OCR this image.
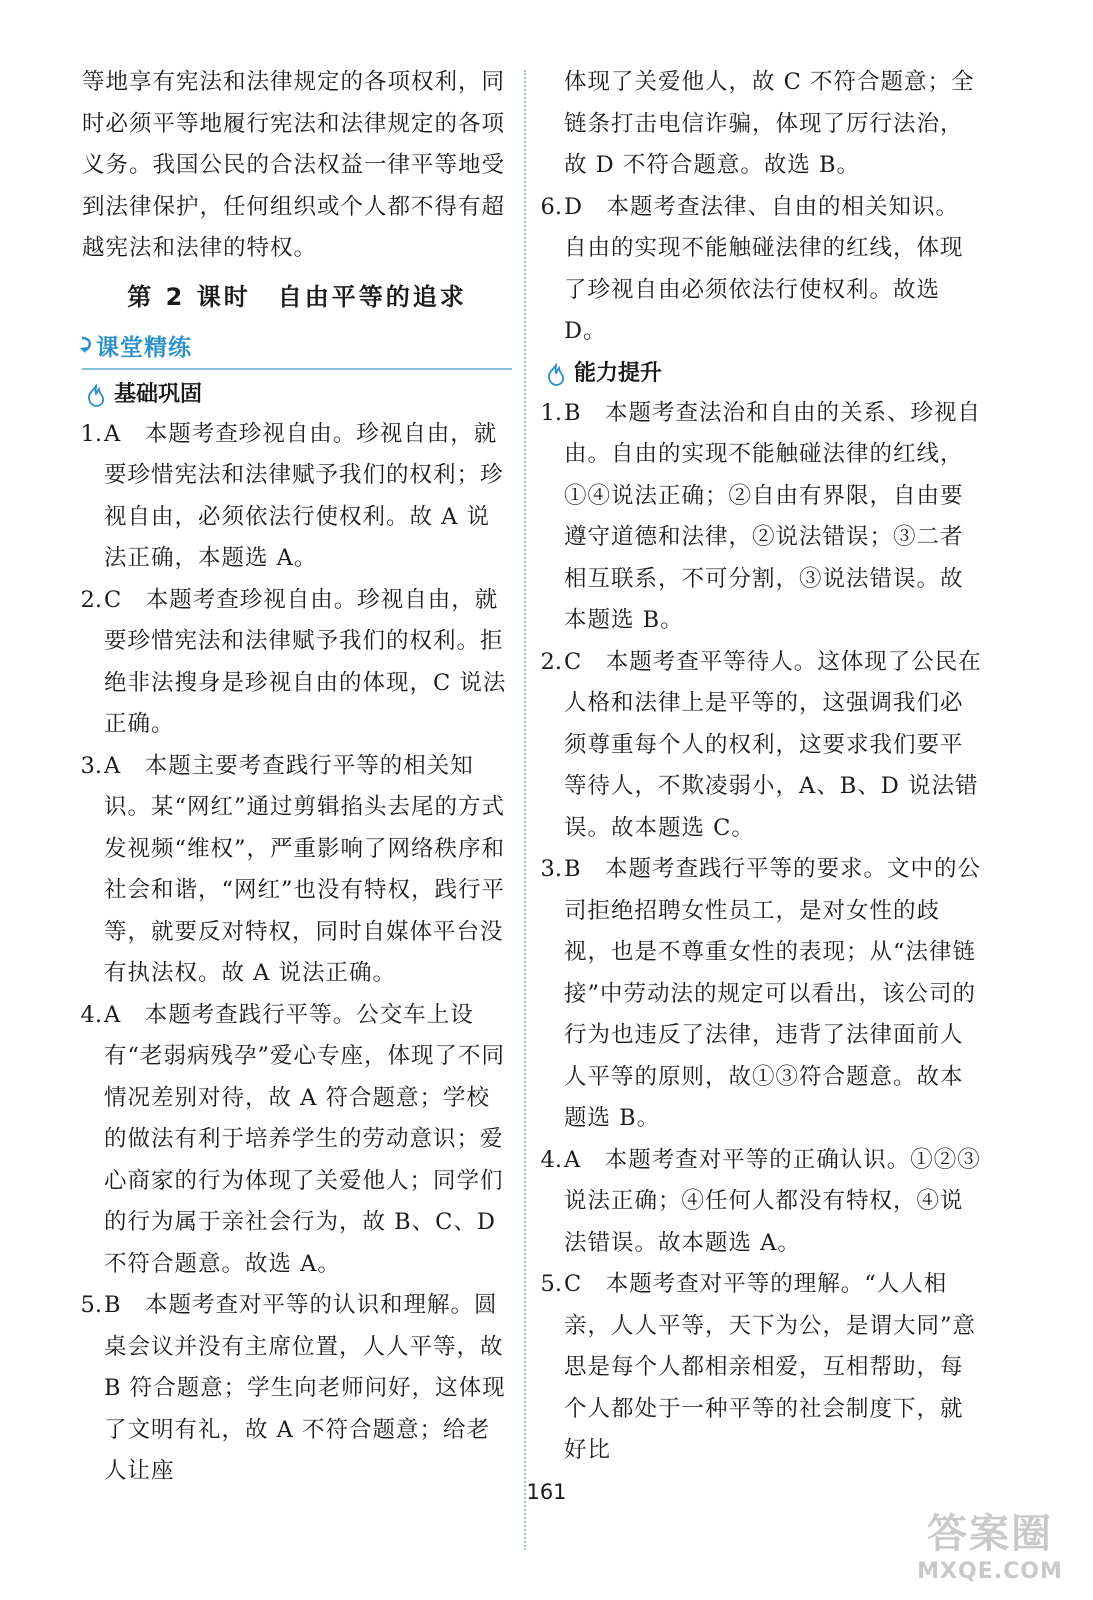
等地享有宪法和法律规定的各项权利，同时必须平等地履行宪法和法律规定的各项义务。我国公民的合法权益一律平等地受到法律保护，任何组织或个人都不得有超越宪法和法律的特权。

第 2 课时　自由平等的追求
课堂精练
基础巩固
1. A　本题考查珍视自由。珍视自由，就要珍惜宪法和法律赋予我们的权利；珍视自由，必须依法行使权利。故 A 说法正确，本题选 A。

2. C　本题考查珍视自由。珍视自由，就要珍惜宪法和法律赋予我们的权利。拒绝非法搜身是珍视自由的体现，C 说法正确。

3. A　本题主要考查践行平等的相关知识。某“网红”通过剪辑掐头去尾的方式发视频“维权”，严重影响了网络秩序和社会和谐，“网红”也没有特权，践行平等，就要反对特权，同时自媒体平台没有执法权。故 A 说法正确。

4. A　本题考查践行平等。公交车上设有“老弱病残孕”爱心专座，体现了不同情况差别对待，故 A 符合题意；学校的做法有利于培养学生的劳动意识；爱心商家的行为体现了关爱他人；同学们的行为属于亲社会行为，故 B、C、D 不符合题意。故选 A。

5. B　本题考查对平等的认识和理解。圆桌会议并没有主席位置，人人平等，故 B 符合题意；学生向老师问好，这体现了文明有礼，故 A 不符合题意；给老人让座

体现了关爱他人，故 C 不符合题意；全链条打击电信诈骗，体现了厉行法治，故 D 不符合题意。故选 B。

6. D　本题考查法律、自由的相关知识。自由的实现不能触碰法律的红线，体现了珍视自由必须依法行使权利。故选 D。

能力提升
1. B　本题考查法治和自由的关系、珍视自由。自由的实现不能触碰法律的红线，①④说法正确；②自由有界限，自由要遵守道德和法律，②说法错误；③二者相互联系，不可分割，③说法错误。故本题选 B。

2. C　本题考查平等待人。这体现了公民在人格和法律上是平等的，这强调我们必须尊重每个人的权利，这要求我们要平等待人，不欺凌弱小，A、B、D 说法错误。故本题选 C。

3. B　本题考查践行平等的要求。文中的公司拒绝招聘女性员工，是对女性的歧视，也是不尊重女性的表现；从“法律链接”中劳动法的规定可以看出，该公司的行为也违反了法律，违背了法律面前人人平等的原则，故①③符合题意。故本题选 B。

4. A　本题考查对平等的正确认识。①②③说法正确；④任何人都没有特权，④说法错误。故本题选 A。

5. C　本题考查对平等的理解。“人人相亲，人人平等，天下为公，是谓大同”意思是每个人都相亲相爱，互相帮助，每个人都处于一种平等的社会制度下，就好比

161
答案圈
MXQE.COM
